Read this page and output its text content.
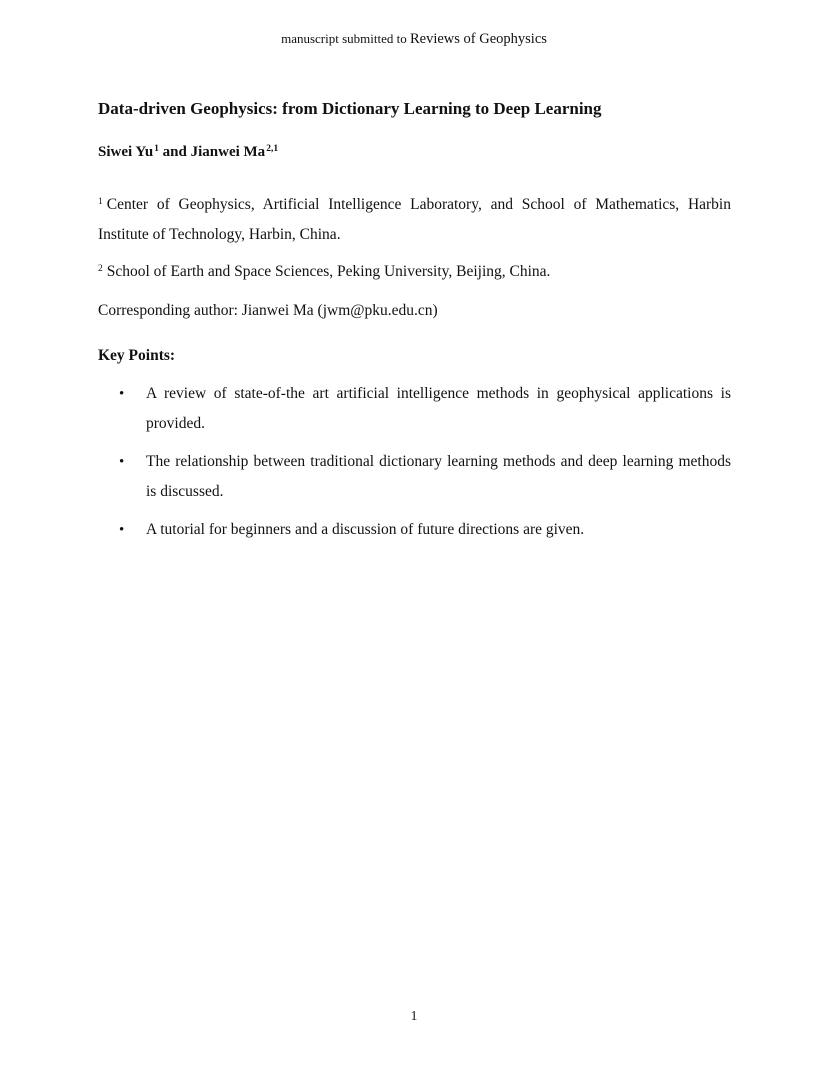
manuscript submitted to Reviews of Geophysics
Data-driven Geophysics: from Dictionary Learning to Deep Learning
Siwei Yu$^1$ and Jianwei Ma$^{2,1}$
$^1$ Center of Geophysics, Artificial Intelligence Laboratory, and School of Mathematics, Harbin Institute of Technology, Harbin, China.
$^2$ School of Earth and Space Sciences, Peking University, Beijing, China.
Corresponding author: Jianwei Ma (jwm@pku.edu.cn)
Key Points:
• A review of state-of-the art artificial intelligence methods in geophysical applications is provided.
• The relationship between traditional dictionary learning methods and deep learning methods is discussed.
• A tutorial for beginners and a discussion of future directions are given.
1
